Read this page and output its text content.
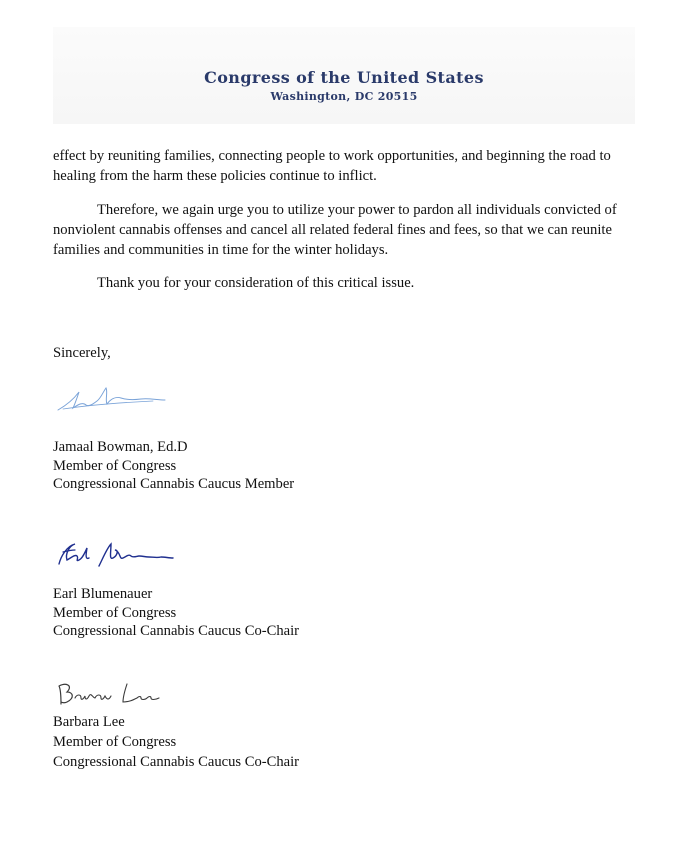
Congress of the United States
Washington, DC 20515

effect by reuniting families, connecting people to work opportunities, and beginning the road to healing from the harm these policies continue to inflict.

Therefore, we again urge you to utilize your power to pardon all individuals convicted of nonviolent cannabis offenses and cancel all related federal fines and fees, so that we can reunite families and communities in time for the winter holidays.

Thank you for your consideration of this critical issue.

Sincerely,
Jamaal Bowman, Ed.D
Member of Congress
Congressional Cannabis Caucus Member
Earl Blumenauer
Member of Congress
Congressional Cannabis Caucus Co-Chair
Barbara Lee
Member of Congress
Congressional Cannabis Caucus Co-Chair
